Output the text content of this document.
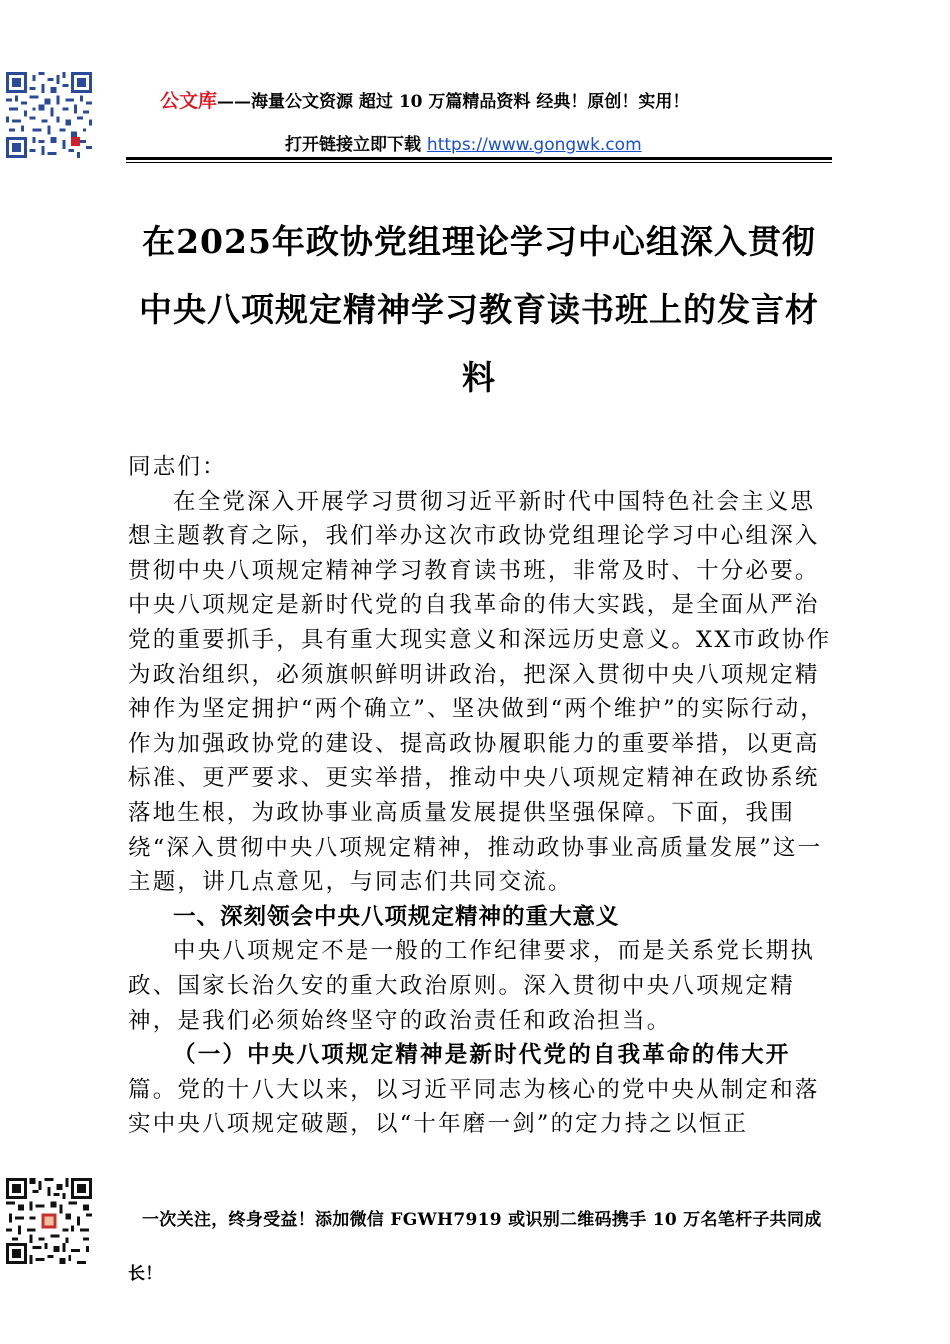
公文库——海量公文资源 超过 10 万篇精品资料 经典！原创！实用！
打开链接立即下载 https://www.gongwk.com
在2025年政协党组理论学习中心组深入贯彻中央八项规定精神学习教育读书班上的发言材料

同志们：

在全党深入开展学习贯彻习近平新时代中国特色社会主义思想主题教育之际，我们举办这次市政协党组理论学习中心组深入贯彻中央八项规定精神学习教育读书班，非常及时、十分必要。中央八项规定是新时代党的自我革命的伟大实践，是全面从严治党的重要抓手，具有重大现实意义和深远历史意义。XX市政协作为政治组织，必须旗帜鲜明讲政治，把深入贯彻中央八项规定精神作为坚定拥护“两个确立”、坚决做到“两个维护”的实际行动，作为加强政协党的建设、提高政协履职能力的重要举措，以更高标准、更严要求、更实举措，推动中央八项规定精神在政协系统落地生根，为政协事业高质量发展提供坚强保障。下面，我围绕“深入贯彻中央八项规定精神，推动政协事业高质量发展”这一主题，讲几点意见，与同志们共同交流。

一、深刻领会中央八项规定精神的重大意义

中央八项规定不是一般的工作纪律要求，而是关系党长期执政、国家长治久安的重大政治原则。深入贯彻中央八项规定精神，是我们必须始终坚守的政治责任和政治担当。

（一）中央八项规定精神是新时代党的自我革命的伟大开

篇。党的十八大以来，以习近平同志为核心的党中央从制定和落实中央八项规定破题，以“十年磨一剑”的定力持之以恒正

一次关注，终身受益！添加微信 FGWH7919 或识别二维码携手 10 万名笔杆子共同成长！
